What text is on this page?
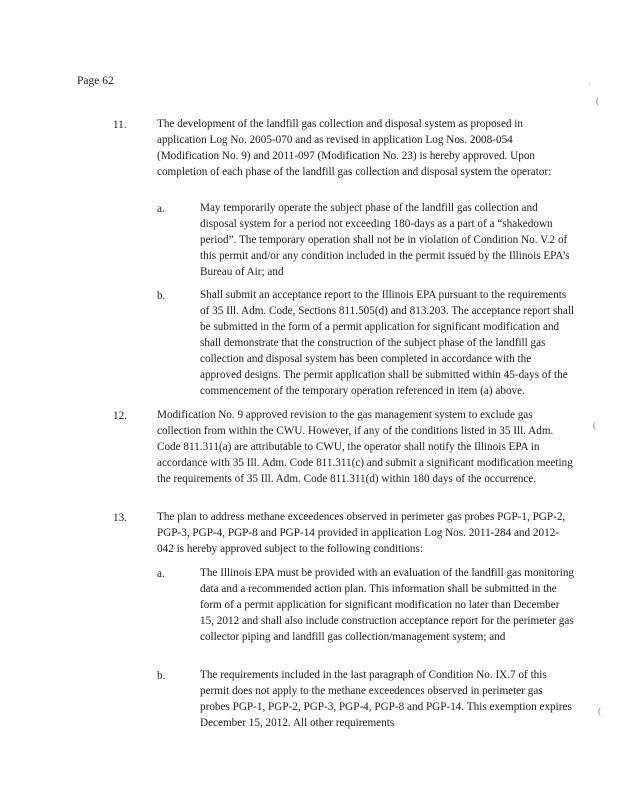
Page 62
11.	The development of the landfill gas collection and disposal system as proposed in application Log No. 2005-070 and as revised in application Log Nos. 2008-054 (Modification No. 9) and 2011-097 (Modification No. 23) is hereby approved. Upon completion of each phase of the landfill gas collection and disposal system the operator:
a.	May temporarily operate the subject phase of the landfill gas collection and disposal system for a period not exceeding 180-days as a part of a “shakedown period”. The temporary operation shall not be in violation of Condition No. V.2 of this permit and/or any condition included in the permit issued by the Illinois EPA’s Bureau of Air; and
b.	Shall submit an acceptance report to the Illinois EPA pursuant to the requirements of 35 Ill. Adm. Code, Sections 811.505(d) and 813.203. The acceptance report shall be submitted in the form of a permit application for significant modification and shall demonstrate that the construction of the subject phase of the landfill gas collection and disposal system has been completed in accordance with the approved designs. The permit application shall be submitted within 45-days of the commencement of the temporary operation referenced in item (a) above.
12.	Modification No. 9 approved revision to the gas management system to exclude gas collection from within the CWU. However, if any of the conditions listed in 35 Ill. Adm. Code 811.311(a) are attributable to CWU, the operator shall notify the Illinois EPA in accordance with 35 Ill. Adm. Code 811.311(c) and submit a significant modification meeting the requirements of 35 Ill. Adm. Code 811.311(d) within 180 days of the occurrence.
13.	The plan to address methane exceedences observed in perimeter gas probes PGP-1, PGP-2, PGP-3, PGP-4, PGP-8 and PGP-14 provided in application Log Nos. 2011-284 and 2012-042 is hereby approved subject to the following conditions:
a.	The Illinois EPA must be provided with an evaluation of the landfill gas monitoring data and a recommended action plan. This information shall be submitted in the form of a permit application for significant modification no later than December 15, 2012 and shall also include construction acceptance report for the perimeter gas collector piping and landfill gas collection/management system; and
b.	The requirements included in the last paragraph of Condition No. IX.7 of this permit does not apply to the methane exceedences observed in perimeter gas probes PGP-1, PGP-2, PGP-3, PGP-4, PGP-8 and PGP-14. This exemption expires December 15, 2012. All other requirements
˙
(
(
(
